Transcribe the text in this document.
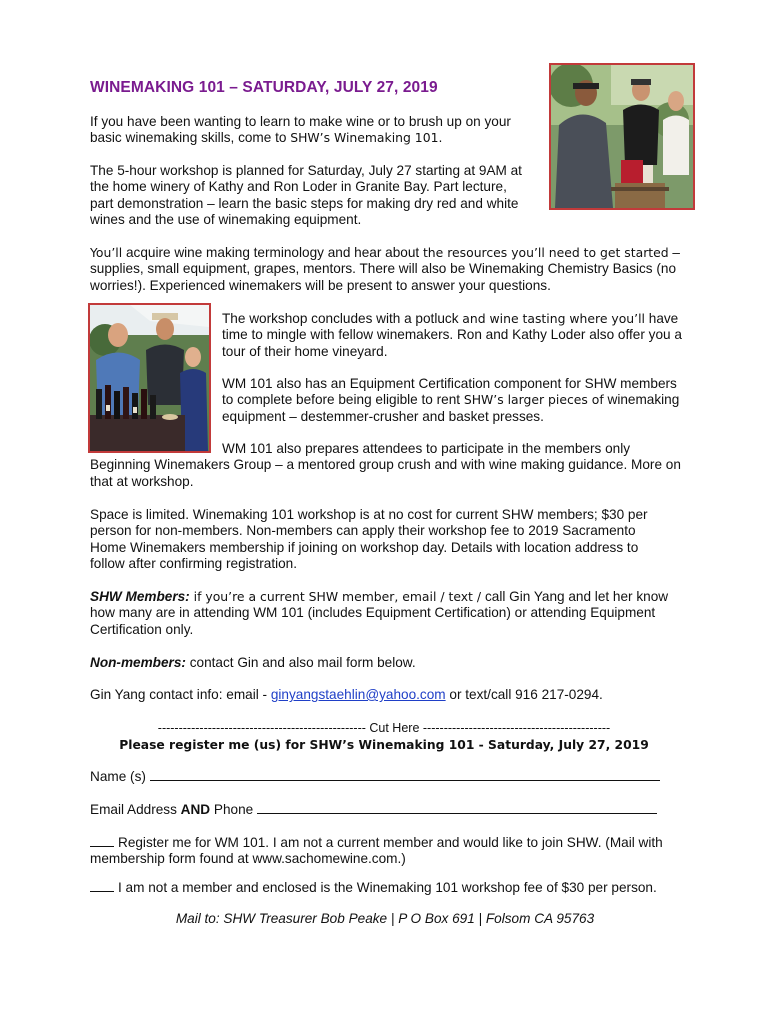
WINEMAKING 101 – SATURDAY, JULY 27, 2019

If you have been wanting to learn to make wine or to brush up on your basic winemaking skills, come to SHW’s Winemaking 101.

The 5-hour workshop is planned for Saturday, July 27 starting at 9AM at the home winery of Kathy and Ron Loder in Granite Bay. Part lecture, part demonstration – learn the basic steps for making dry red and white wines and the use of winemaking equipment.

You’ll acquire wine making terminology and hear about the resources you’ll need to get started – supplies, small equipment, grapes, mentors. There will also be Winemaking Chemistry Basics (no worries!). Experienced winemakers will be present to answer your questions.

The workshop concludes with a potluck and wine tasting where you’ll have time to mingle with fellow winemakers. Ron and Kathy Loder also offer you a tour of their home vineyard.

WM 101 also has an Equipment Certification component for SHW members to complete before being eligible to rent SHW’s larger pieces of winemaking equipment – destemmer-crusher and basket presses.

WM 101 also prepares attendees to participate in the members only Beginning Winemakers Group – a mentored group crush and with wine making guidance. More on that at workshop.

Space is limited. Winemaking 101 workshop is at no cost for current SHW members; $30 per person for non-members. Non-members can apply their workshop fee to 2019 Sacramento Home Winemakers membership if joining on workshop day. Details with location address to follow after confirming registration.

SHW Members: if you’re a current SHW member, email / text / call Gin Yang and let her know how many are in attending WM 101 (includes Equipment Certification) or attending Equipment Certification only.

Non-members: contact Gin and also mail form below.

Gin Yang contact info: email - ginyangstaehlin@yahoo.com or text/call 916 217-0294.

-------------------------------------------------- Cut Here ---------------------------------------------
Please register me (us) for SHW’s Winemaking 101 - Saturday, July 27, 2019
Name (s)
Email Address AND Phone
Register me for WM 101. I am not a current member and would like to join SHW. (Mail with membership form found at www.sachomewine.com.)
I am not a member and enclosed is the Winemaking 101 workshop fee of $30 per person.
Mail to: SHW Treasurer Bob Peake | P O Box 691 | Folsom CA 95763
